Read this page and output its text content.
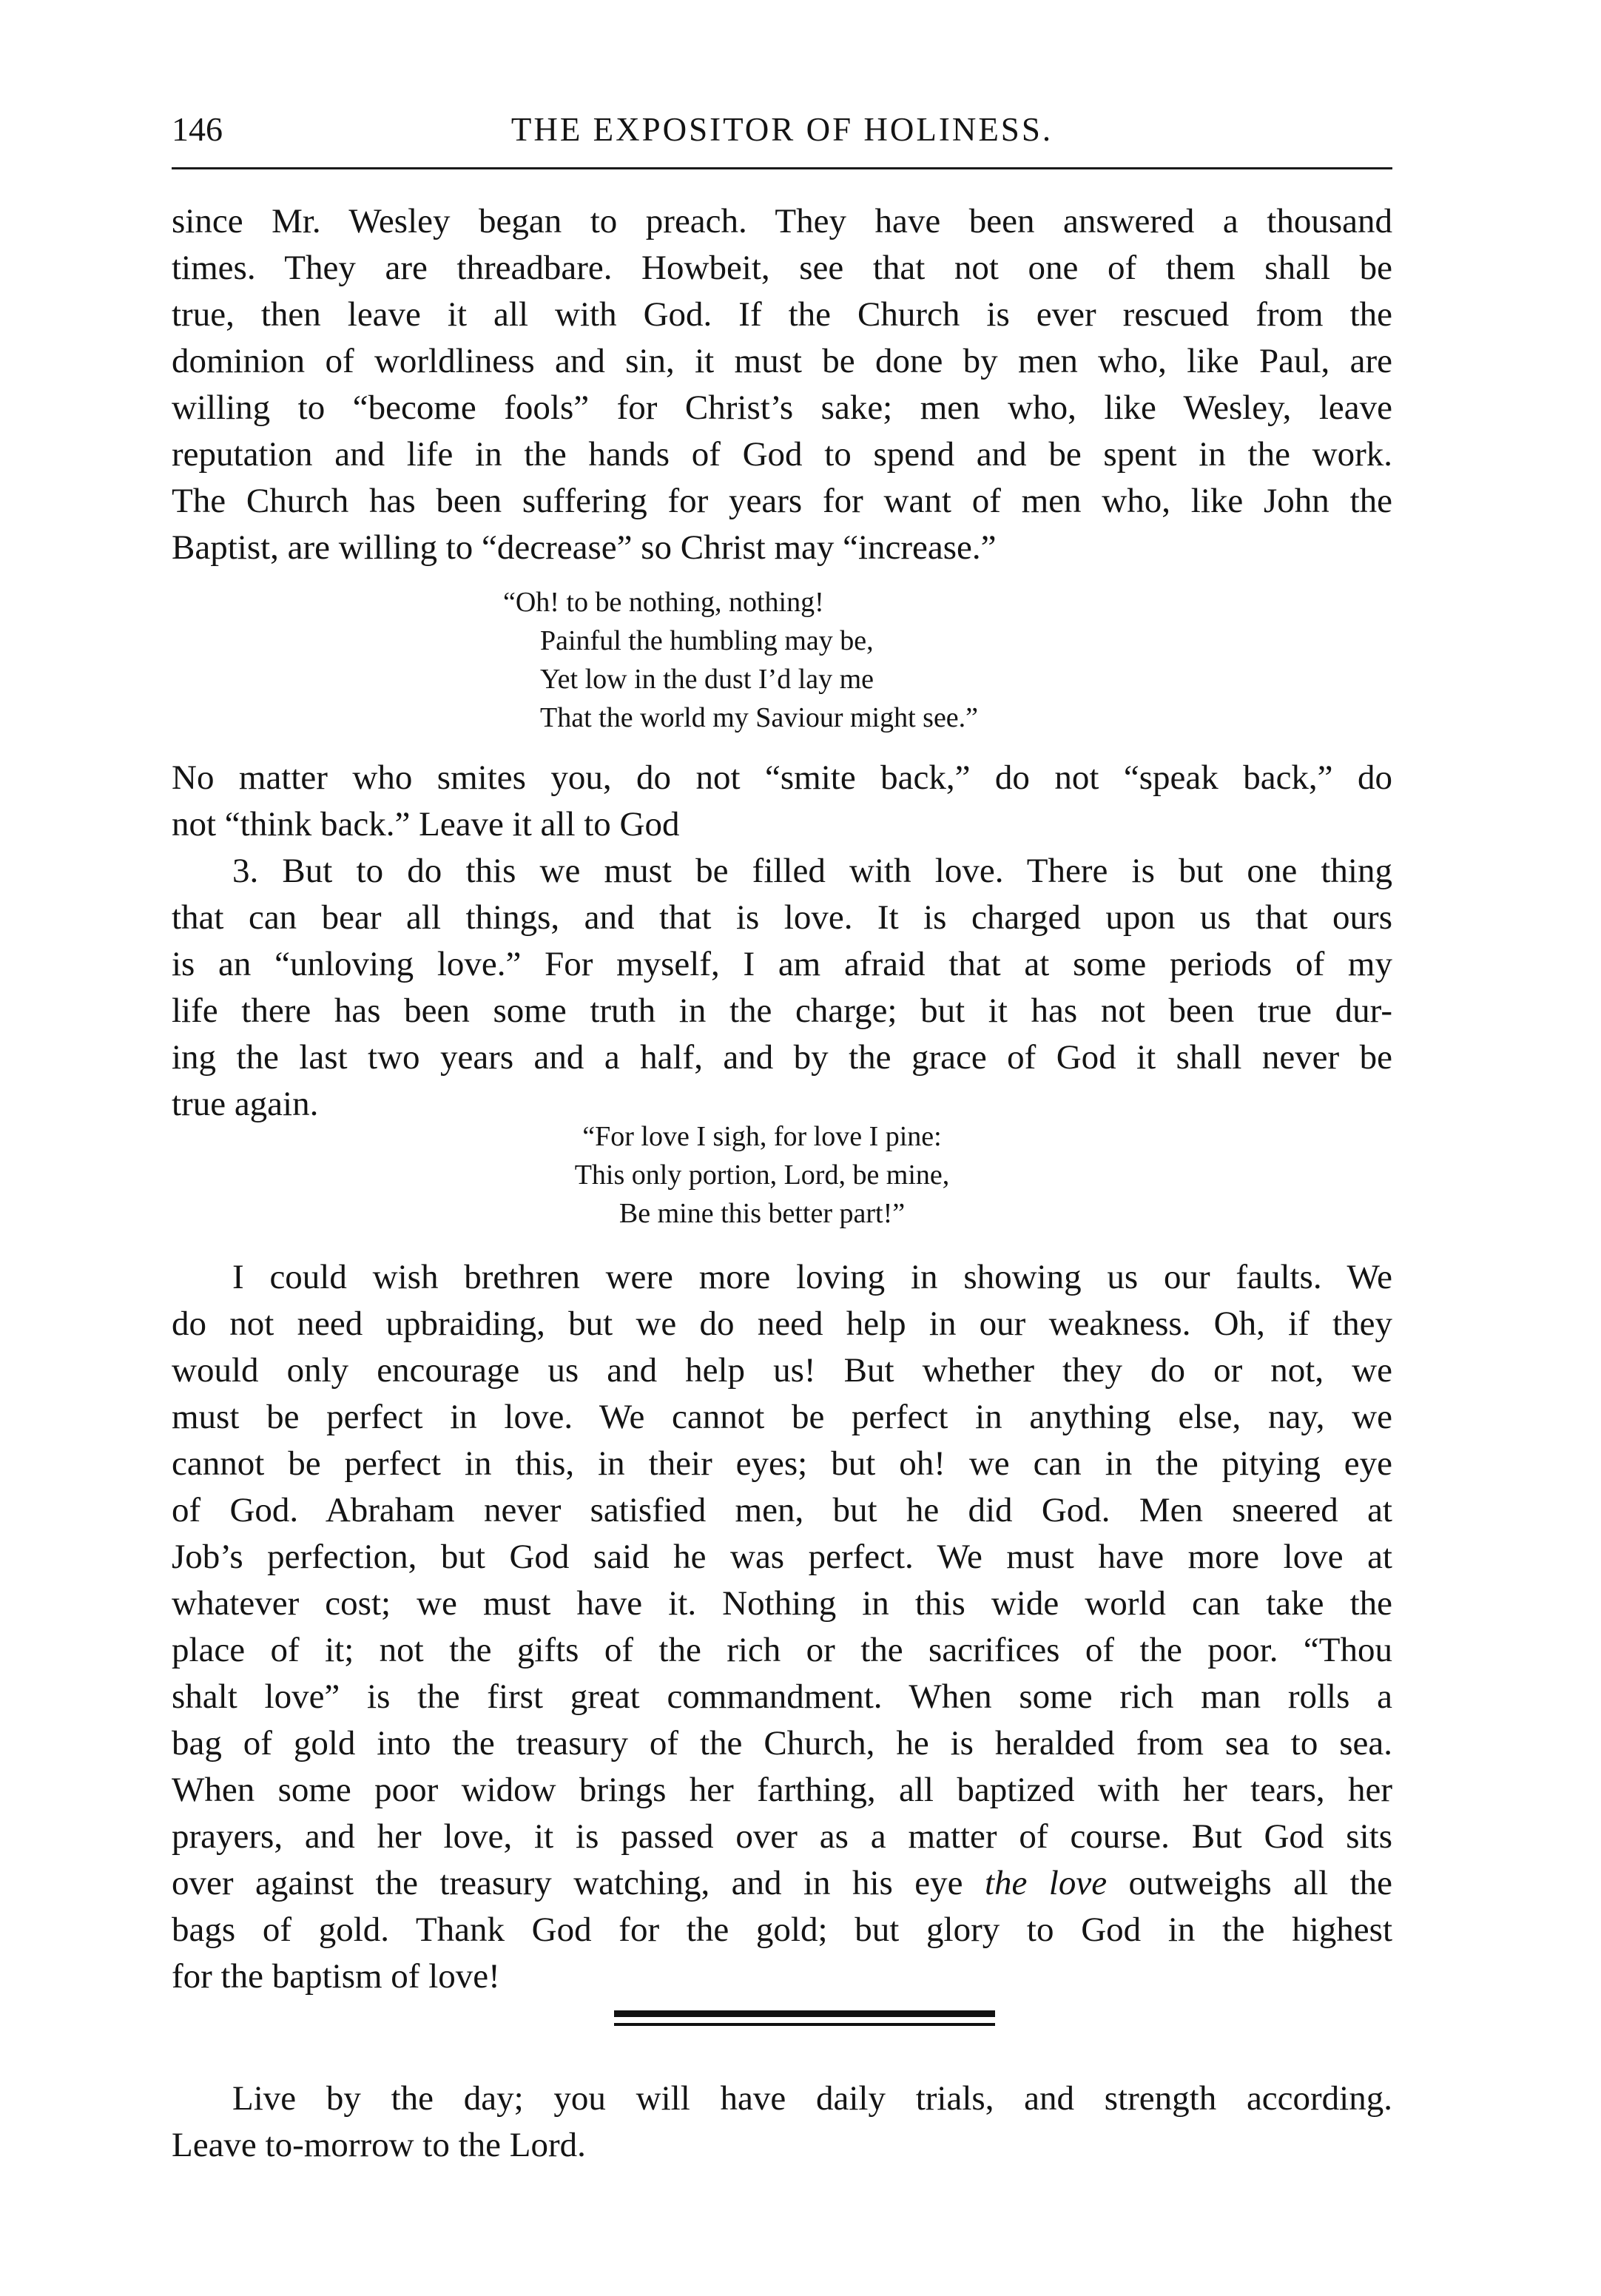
146	THE EXPOSITOR OF HOLINESS.
since Mr. Wesley began to preach. They have been answered a thousand
times. They are threadbare. Howbeit, see that not one of them shall be
true, then leave it all with God. If the Church is ever rescued from the
dominion of worldliness and sin, it must be done by men who, like Paul, are
willing to “become fools” for Christ’s sake; men who, like Wesley, leave
reputation and life in the hands of God to spend and be spent in the work.
The Church has been suffering for years for want of men who, like John the
Baptist, are willing to “decrease” so Christ may “increase.”
“Oh! to be nothing, nothing!
Painful the humbling may be,
Yet low in the dust I’d lay me
That the world my Saviour might see.”
No matter who smites you, do not “smite back,” do not “speak back,” do
not “think back.” Leave it all to God
3. But to do this we must be filled with love. There is but one thing
that can bear all things, and that is love. It is charged upon us that ours
is an “unloving love.” For myself, I am afraid that at some periods of my
life there has been some truth in the charge; but it has not been true dur-
ing the last two years and a half, and by the grace of God it shall never be
true again.
“For love I sigh, for love I pine:
This only portion, Lord, be mine,
Be mine this better part!”
I could wish brethren were more loving in showing us our faults. We
do not need upbraiding, but we do need help in our weakness. Oh, if they
would only encourage us and help us! But whether they do or not, we
must be perfect in love. We cannot be perfect in anything else, nay, we
cannot be perfect in this, in their eyes; but oh! we can in the pitying eye
of God. Abraham never satisfied men, but he did God. Men sneered at
Job’s perfection, but God said he was perfect. We must have more love at
whatever cost; we must have it. Nothing in this wide world can take the
place of it; not the gifts of the rich or the sacrifices of the poor. “Thou
shalt love” is the first great commandment. When some rich man rolls a
bag of gold into the treasury of the Church, he is heralded from sea to sea.
When some poor widow brings her farthing, all baptized with her tears, her
prayers, and her love, it is passed over as a matter of course. But God sits
over against the treasury watching, and in his eye the love outweighs all the
bags of gold. Thank God for the gold; but glory to God in the highest
for the baptism of love!
Live by the day; you will have daily trials, and strength according.
Leave to-morrow to the Lord.
